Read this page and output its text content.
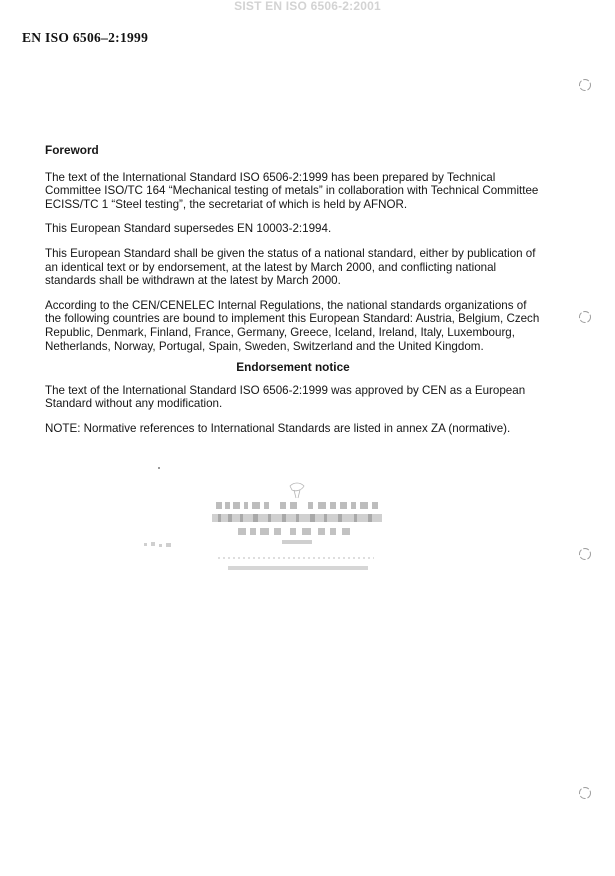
SIST EN ISO 6506-2:2001
EN ISO 6506–2:1999
Foreword

The text of the International Standard ISO 6506-2:1999 has been prepared by Technical Committee ISO/TC 164 “Mechanical testing of metals” in collaboration with Technical Committee ECISS/TC 1 “Steel testing”, the secretariat of which is held by AFNOR.

This European Standard supersedes EN 10003-2:1994.

This European Standard shall be given the status of a national standard, either by publication of an identical text or by endorsement, at the latest by March 2000, and conflicting national standards shall be withdrawn at the latest by March 2000.

According to the CEN/CENELEC Internal Regulations, the national standards organizations of the following countries are bound to implement this European Standard: Austria, Belgium, Czech Republic, Denmark, Finland, France, Germany, Greece, Iceland, Ireland, Italy, Luxembourg, Netherlands, Norway, Portugal, Spain, Sweden, Switzerland and the United Kingdom.

Endorsement notice

The text of the International Standard ISO 6506-2:1999 was approved by CEN as a European Standard without any modification.

NOTE: Normative references to International Standards are listed in annex ZA (normative).
